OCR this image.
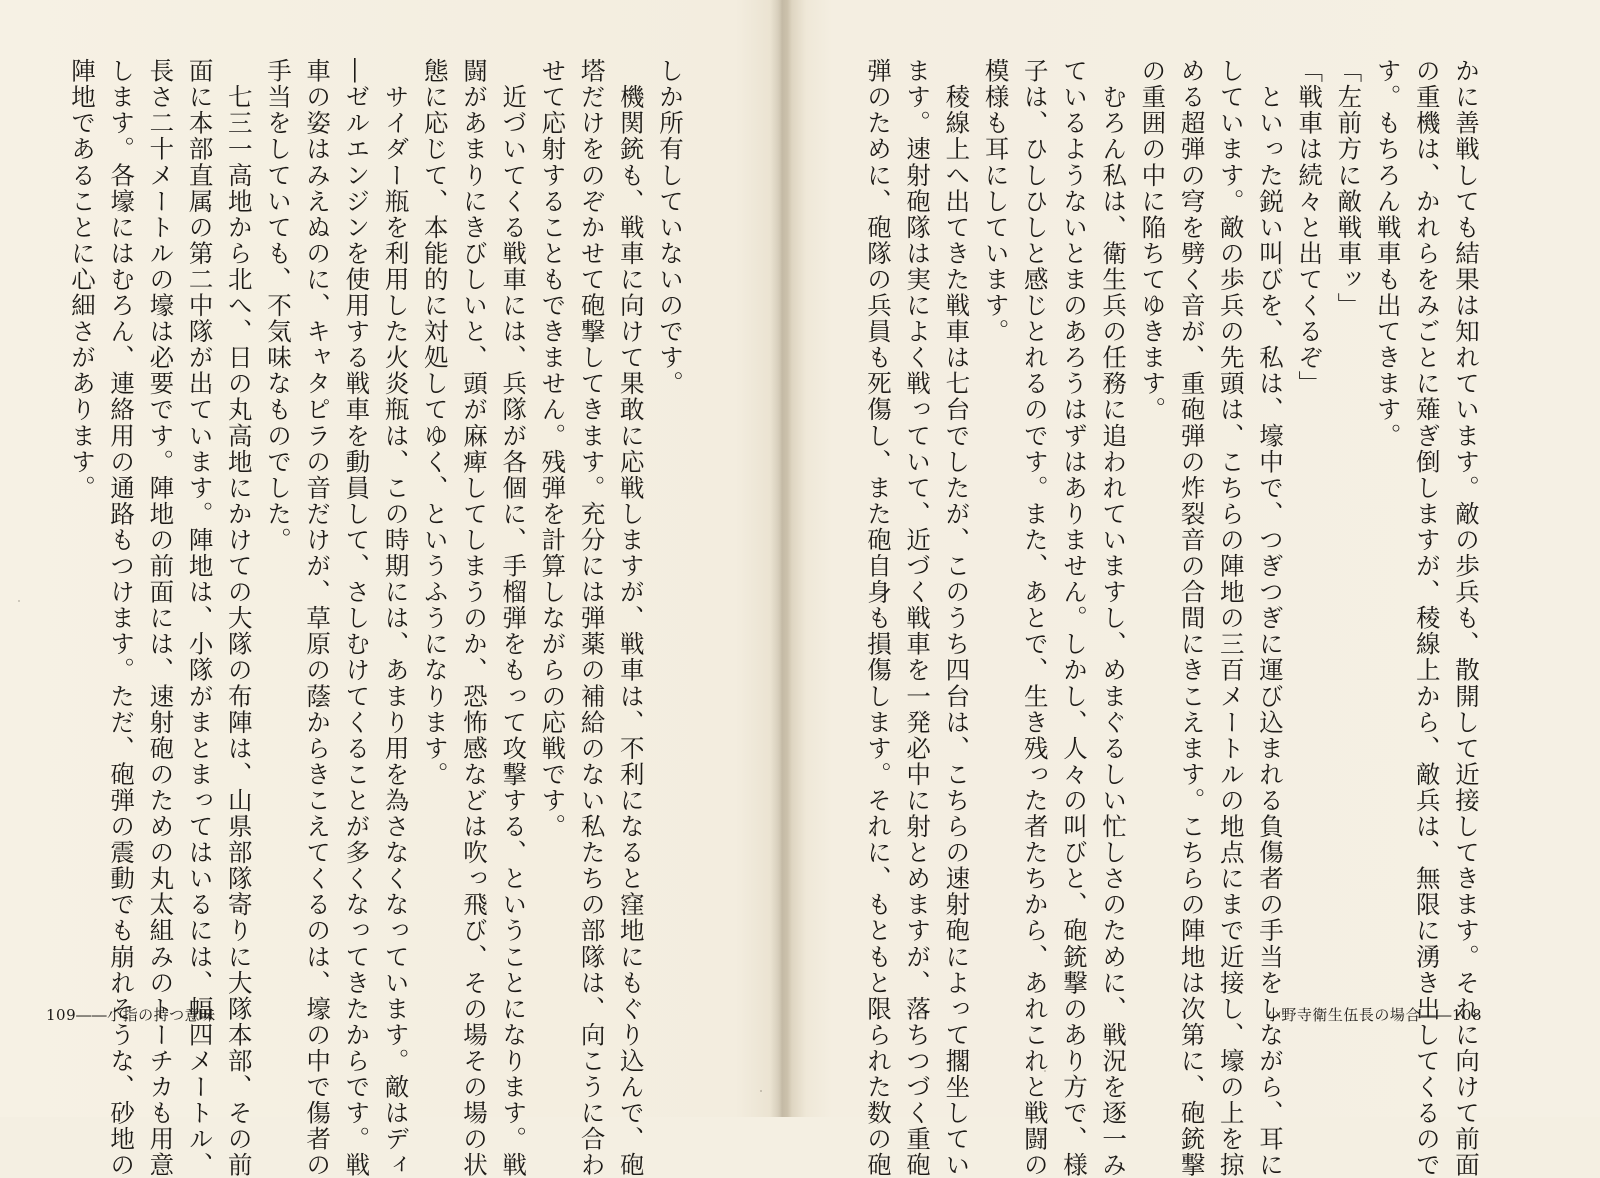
かに善戦しても結果は知れています。敵の歩兵も、散開して近接してきます。それに向けて前面
の重機は、かれらをみごとに薙ぎ倒しますが、稜線上から、敵兵は、無限に湧き出してくるので
す。もちろん戦車も出てきます。
「左前方に敵戦車ッ」
「戦車は続々と出てくるぞ」
　といった鋭い叫びを、私は、壕中で、つぎつぎに運び込まれる負傷者の手当をしながら、耳に
しています。敵の歩兵の先頭は、こちらの陣地の三百メートルの地点にまで近接し、壕の上を掠
める超弾の穹を劈く音が、重砲弾の炸裂音の合間にきこえます。こちらの陣地は次第に、砲銃撃
の重囲の中に陥ちてゆきます。
　むろん私は、衛生兵の任務に追われていますし、めまぐるしい忙しさのために、戦況を逐一み
ているようないとまのあろうはずはありません。しかし、人々の叫びと、砲銃撃のあり方で、様
子は、ひしひしと感じとれるのです。また、あとで、生き残った者たちから、あれこれと戦闘の
模様も耳にしています。
　稜線上へ出てきた戦車は七台でしたが、このうち四台は、こちらの速射砲によって擱坐してい
ます。速射砲隊は実によく戦っていて、近づく戦車を一発必中に射とめますが、落ちつづく重砲
弾のために、砲隊の兵員も死傷し、また砲自身も損傷します。それに、もともと限られた数の砲	小野寺衛生伍長の場合――108
しか所有していないのです。
　機関銃も、戦車に向けて果敢に応戦しますが、戦車は、不利になると窪地にもぐり込んで、砲
塔だけをのぞかせて砲撃してきます。充分には弾薬の補給のない私たちの部隊は、向こうに合わ
せて応射することもできません。残弾を計算しながらの応戦です。
　近づいてくる戦車には、兵隊が各個に、手榴弾をもって攻撃する、ということになります。戦
闘があまりにきびしいと、頭が麻痺してしまうのか、恐怖感などは吹っ飛び、その場その場の状
態に応じて、本能的に対処してゆく、というふうになります。
　サイダー瓶を利用した火炎瓶は、この時期には、あまり用を為さなくなっています。敵はディ
―ゼルエンジンを使用する戦車を動員して、さしむけてくることが多くなってきたからです。戦
車の姿はみえぬのに、キャタピラの音だけが、草原の蔭からきこえてくるのは、壕の中で傷者の
手当をしていても、不気味なものでした。
　七三一高地から北へ、日の丸高地にかけての大隊の布陣は、山県部隊寄りに大隊本部、その前
面に本部直属の第二中隊が出ています。陣地は、小隊がまとまってはいるには、幅四メートル、
長さ二十メートルの壕は必要です。陣地の前面には、速射砲のための丸太組みのトーチカも用意
します。各壕にはむろん、連絡用の通路もつけます。ただ、砲弾の震動でも崩れそうな、砂地の
陣地であることに心細さがあります。
109――小指の持つ意味
